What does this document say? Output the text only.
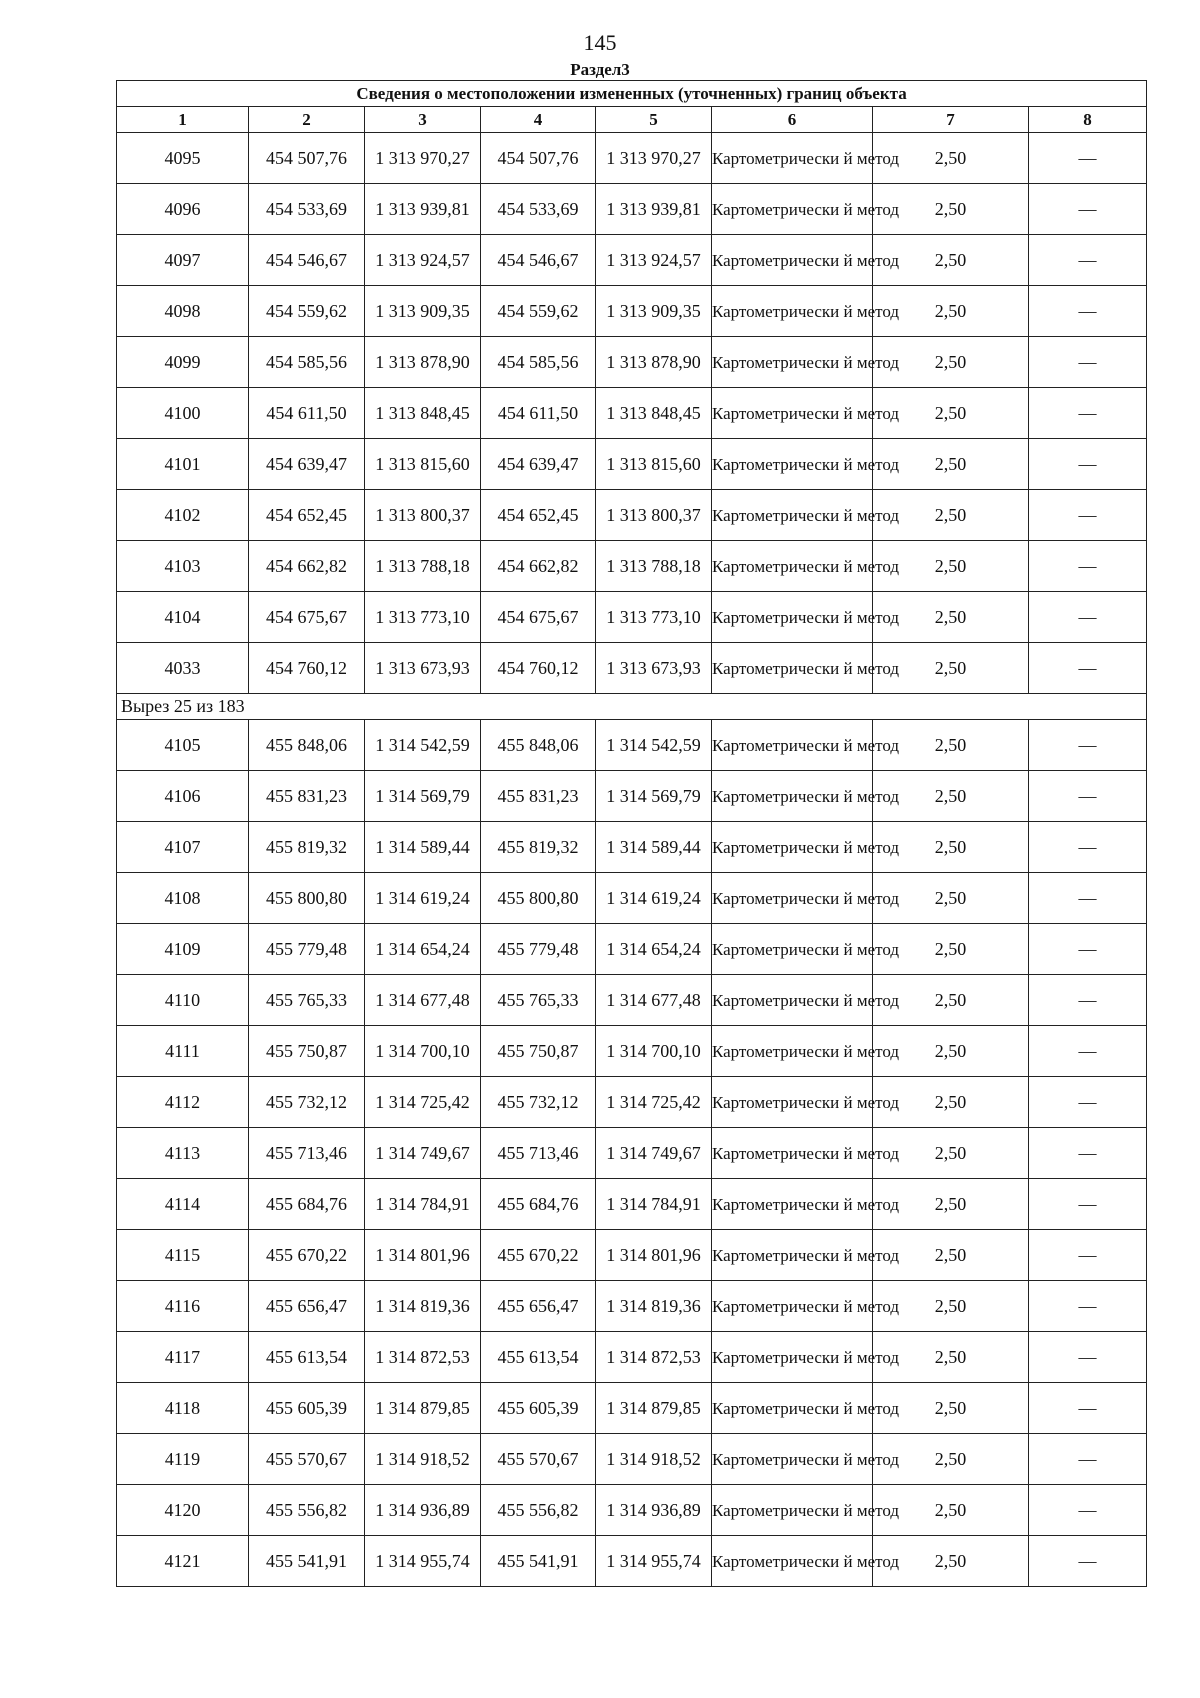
145
Раздел3
Сведения о местоположении измененных (уточненных) границ объекта							
1	2	3	4	5	6	7	8
4095	454 507,76	1 313 970,27	454 507,76	1 313 970,27	Картометрически й метод	2,50	—
4096	454 533,69	1 313 939,81	454 533,69	1 313 939,81	Картометрически й метод	2,50	—
4097	454 546,67	1 313 924,57	454 546,67	1 313 924,57	Картометрически й метод	2,50	—
4098	454 559,62	1 313 909,35	454 559,62	1 313 909,35	Картометрически й метод	2,50	—
4099	454 585,56	1 313 878,90	454 585,56	1 313 878,90	Картометрически й метод	2,50	—
4100	454 611,50	1 313 848,45	454 611,50	1 313 848,45	Картометрически й метод	2,50	—
4101	454 639,47	1 313 815,60	454 639,47	1 313 815,60	Картометрически й метод	2,50	—
4102	454 652,45	1 313 800,37	454 652,45	1 313 800,37	Картометрически й метод	2,50	—
4103	454 662,82	1 313 788,18	454 662,82	1 313 788,18	Картометрически й метод	2,50	—
4104	454 675,67	1 313 773,10	454 675,67	1 313 773,10	Картометрически й метод	2,50	—
4033	454 760,12	1 313 673,93	454 760,12	1 313 673,93	Картометрически й метод	2,50	—
Вырез 25 из 183							
4105	455 848,06	1 314 542,59	455 848,06	1 314 542,59	Картометрически й метод	2,50	—
4106	455 831,23	1 314 569,79	455 831,23	1 314 569,79	Картометрически й метод	2,50	—
4107	455 819,32	1 314 589,44	455 819,32	1 314 589,44	Картометрически й метод	2,50	—
4108	455 800,80	1 314 619,24	455 800,80	1 314 619,24	Картометрически й метод	2,50	—
4109	455 779,48	1 314 654,24	455 779,48	1 314 654,24	Картометрически й метод	2,50	—
4110	455 765,33	1 314 677,48	455 765,33	1 314 677,48	Картометрически й метод	2,50	—
4111	455 750,87	1 314 700,10	455 750,87	1 314 700,10	Картометрически й метод	2,50	—
4112	455 732,12	1 314 725,42	455 732,12	1 314 725,42	Картометрически й метод	2,50	—
4113	455 713,46	1 314 749,67	455 713,46	1 314 749,67	Картометрически й метод	2,50	—
4114	455 684,76	1 314 784,91	455 684,76	1 314 784,91	Картометрически й метод	2,50	—
4115	455 670,22	1 314 801,96	455 670,22	1 314 801,96	Картометрически й метод	2,50	—
4116	455 656,47	1 314 819,36	455 656,47	1 314 819,36	Картометрически й метод	2,50	—
4117	455 613,54	1 314 872,53	455 613,54	1 314 872,53	Картометрически й метод	2,50	—
4118	455 605,39	1 314 879,85	455 605,39	1 314 879,85	Картометрически й метод	2,50	—
4119	455 570,67	1 314 918,52	455 570,67	1 314 918,52	Картометрически й метод	2,50	—
4120	455 556,82	1 314 936,89	455 556,82	1 314 936,89	Картометрически й метод	2,50	—
4121	455 541,91	1 314 955,74	455 541,91	1 314 955,74	Картометрически й метод	2,50	—
